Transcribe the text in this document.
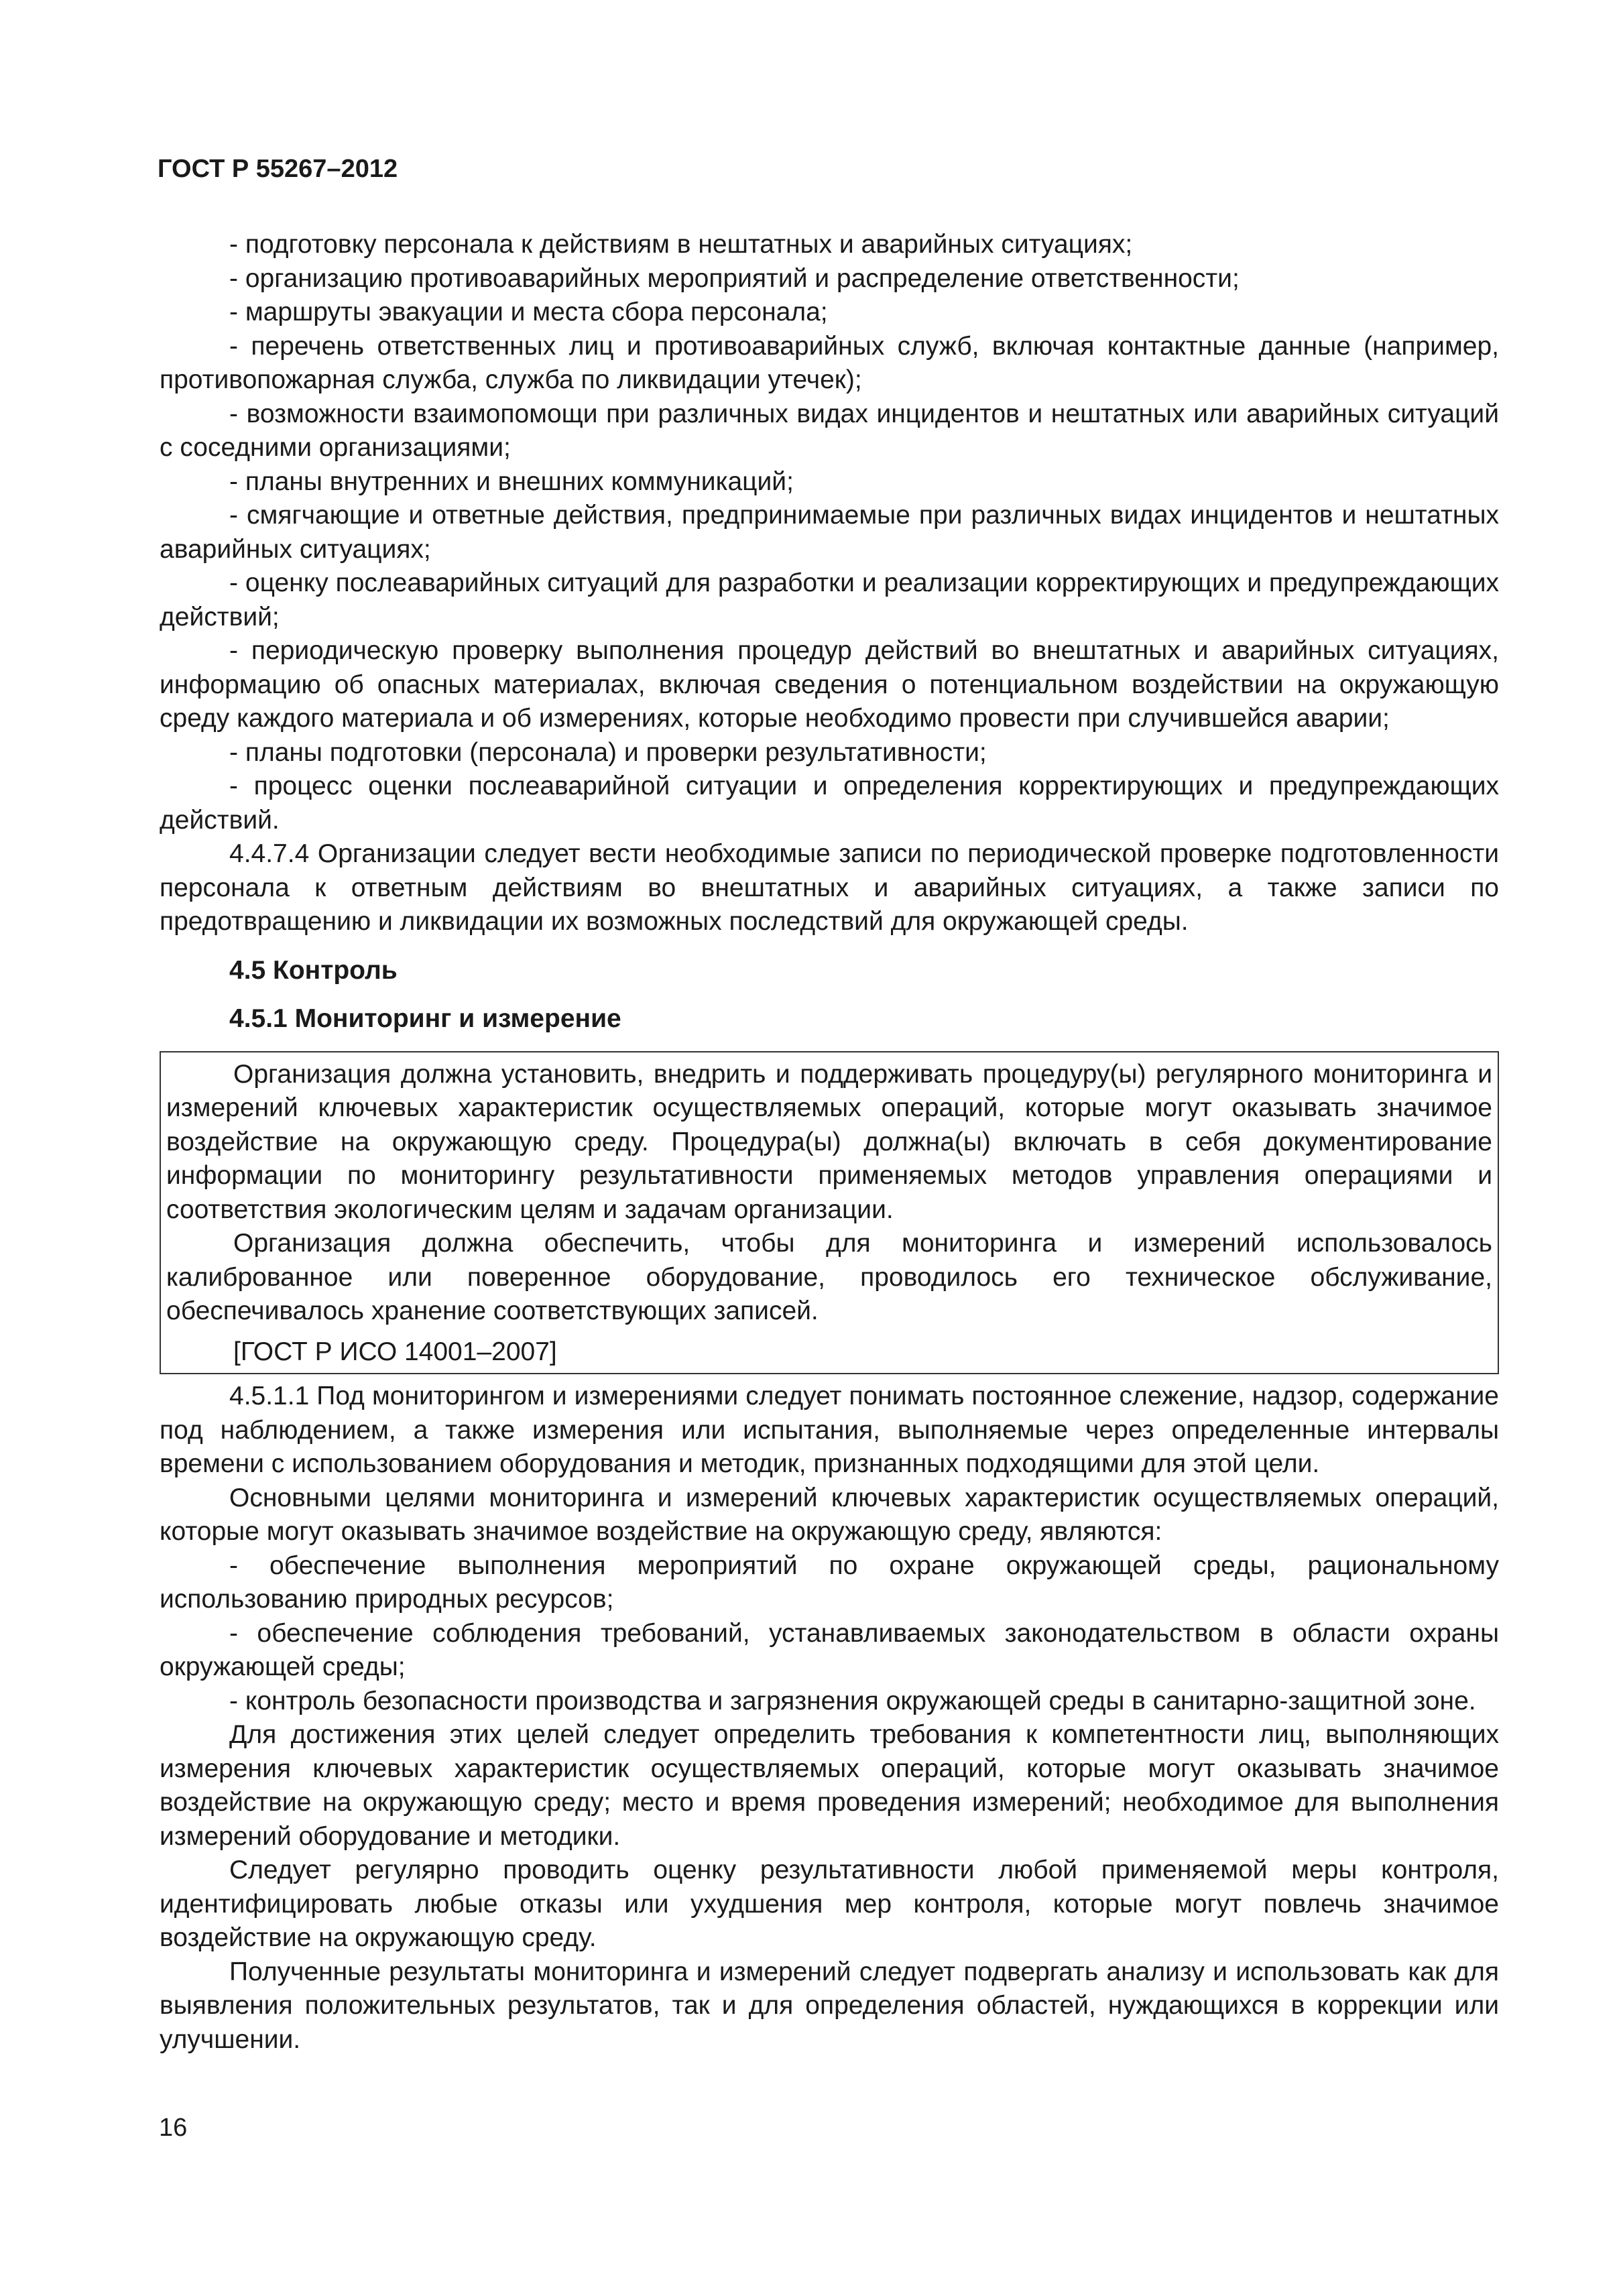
ГОСТ Р 55267–2012

- подготовку персонала к действиям в нештатных и аварийных ситуациях;

- организацию противоаварийных мероприятий и распределение ответственности;

- маршруты эвакуации и места сбора персонала;

- перечень ответственных лиц и противоаварийных служб, включая контактные данные (например, противопожарная служба, служба по ликвидации утечек);

- возможности взаимопомощи при различных видах инцидентов и нештатных или аварийных ситуаций с соседними организациями;

- планы внутренних и внешних коммуникаций;

- смягчающие и ответные действия, предпринимаемые при различных видах инцидентов и нештатных аварийных ситуациях;

- оценку послеаварийных ситуаций для разработки и реализации корректирующих и предупреждающих действий;

- периодическую проверку выполнения процедур действий во внештатных и аварийных ситуациях, информацию об опасных материалах, включая сведения о потенциальном воздействии на окружающую среду каждого материала и об измерениях, которые необходимо провести при случившейся аварии;

- планы подготовки (персонала) и проверки результативности;

- процесс оценки послеаварийной ситуации и определения корректирующих и предупреждающих действий.

4.4.7.4 Организации следует вести необходимые записи по периодической проверке подготовленности персонала к ответным действиям во внештатных и аварийных ситуациях, а также записи по предотвращению и ликвидации их возможных последствий для окружающей среды.

4.5 Контроль
4.5.1 Мониторинг и измерение

Организация должна установить, внедрить и поддерживать процедуру(ы) регулярного мониторинга и измерений ключевых характеристик осуществляемых операций, которые могут оказывать значимое воздействие на окружающую среду. Процедура(ы) должна(ы) включать в себя документирование информации по мониторингу результативности применяемых методов управления операциями и соответствия экологическим целям и задачам организации.

Организация должна обеспечить, чтобы для мониторинга и измерений использовалось калиброванное или поверенное оборудование, проводилось его техническое обслуживание, обеспечивалось хранение соответствующих записей.

[ГОСТ Р ИСО 14001–2007]

4.5.1.1 Под мониторингом и измерениями следует понимать постоянное слежение, надзор, содержание под наблюдением, а также измерения или испытания, выполняемые через определенные интервалы времени с использованием оборудования и методик, признанных подходящими для этой цели.

Основными целями мониторинга и измерений ключевых характеристик осуществляемых операций, которые могут оказывать значимое воздействие на окружающую среду, являются:

- обеспечение выполнения мероприятий по охране окружающей среды, рациональному использованию природных ресурсов;

- обеспечение соблюдения требований, устанавливаемых законодательством в области охраны окружающей среды;

- контроль безопасности производства и загрязнения окружающей среды в санитарно-защитной зоне.

Для достижения этих целей следует определить требования к компетентности лиц, выполняющих измерения ключевых характеристик осуществляемых операций, которые могут оказывать значимое воздействие на окружающую среду; место и время проведения измерений; необходимое для выполнения измерений оборудование и методики.

Следует регулярно проводить оценку результативности любой применяемой меры контроля, идентифицировать любые отказы или ухудшения мер контроля, которые могут повлечь значимое воздействие на окружающую среду.

Полученные результаты мониторинга и измерений следует подвергать анализу и использовать как для выявления положительных результатов, так и для определения областей, нуждающихся в коррекции или улучшении.

16
